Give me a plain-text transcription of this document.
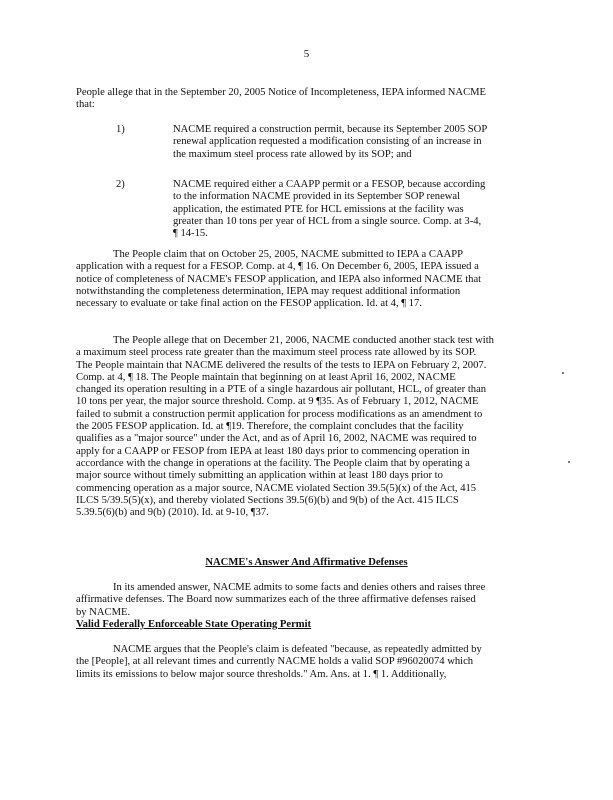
5
People allege that in the September 20, 2005 Notice of Incompleteness, IEPA informed NACME
that:
1)	NACME required a construction permit, because its September 2005 SOP
renewal application requested a modification consisting of an increase in
the maximum steel process rate allowed by its SOP; and
2)	NACME required either a CAAPP permit or a FESOP, because according
to the information NACME provided in its September SOP renewal
application, the estimated PTE for HCL emissions at the facility was
greater than 10 tons per year of HCL from a single source. Comp. at 3-4,
¶ 14-15.
The People claim that on October 25, 2005, NACME submitted to IEPA a CAAPP
application with a request for a FESOP. Comp. at 4, ¶ 16. On December 6, 2005, IEPA issued a
notice of completeness of NACME's FESOP application, and IEPA also informed NACME that
notwithstanding the completeness determination, IEPA may request additional information
necessary to evaluate or take final action on the FESOP application. Id. at 4, ¶ 17.
The People allege that on December 21, 2006, NACME conducted another stack test with
a maximum steel process rate greater than the maximum steel process rate allowed by its SOP.
The People maintain that NACME delivered the results of the tests to IEPA on February 2, 2007.
Comp. at 4, ¶ 18. The People maintain that beginning on at least April 16, 2002, NACME
changed its operation resulting in a PTE of a single hazardous air pollutant, HCL, of greater than
10 tons per year, the major source threshold. Comp. at 9 ¶35. As of February 1, 2012, NACME
failed to submit a construction permit application for process modifications as an amendment to
the 2005 FESOP application. Id. at ¶19. Therefore, the complaint concludes that the facility
qualifies as a "major source" under the Act, and as of April 16, 2002, NACME was required to
apply for a CAAPP or FESOP from IEPA at least 180 days prior to commencing operation in
accordance with the change in operations at the facility. The People claim that by operating a
major source without timely submitting an application within at least 180 days prior to
commencing operation as a major source, NACME violated Section 39.5(5)(x) of the Act, 415
ILCS 5/39.5(5)(x), and thereby violated Sections 39.5(6)(b) and 9(b) of the Act. 415 ILCS
5.39.5(6)(b) and 9(b) (2010). Id. at 9-10, ¶37.
NACME's Answer And Affirmative Defenses
In its amended answer, NACME admits to some facts and denies others and raises three
affirmative defenses. The Board now summarizes each of the three affirmative defenses raised
by NACME.
Valid Federally Enforceable State Operating Permit
NACME argues that the People's claim is defeated "because, as repeatedly admitted by
the [People], at all relevant times and currently NACME holds a valid SOP #96020074 which
limits its emissions to below major source thresholds." Am. Ans. at 1. ¶ 1. Additionally,
